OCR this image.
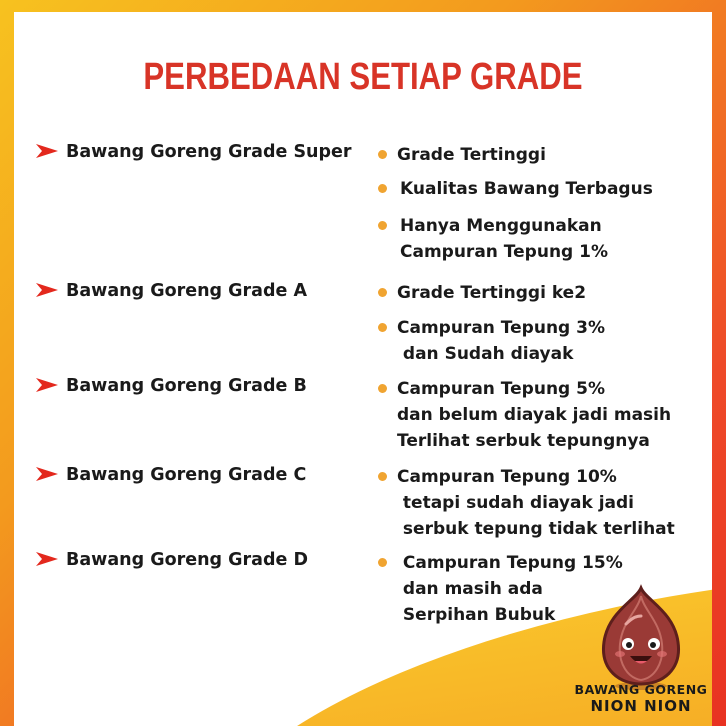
PERBEDAAN SETIAP GRADE
Bawang Goreng Grade Super	Grade Tertinggi
Kualitas Bawang Terbagus
Hanya Menggunakan
Campuran Tepung 1%
Bawang Goreng Grade A	Grade Tertinggi ke2
Campuran Tepung 3%
dan Sudah diayak
Bawang Goreng Grade B	Campuran Tepung 5%
dan belum diayak jadi masih
Terlihat serbuk tepungnya
Bawang Goreng Grade C	Campuran Tepung 10%
tetapi sudah diayak jadi
serbuk tepung tidak terlihat
Bawang Goreng Grade D	Campuran Tepung 15%
dan masih ada
Serpihan Bubuk
BAWANG GORENG
NION NION
